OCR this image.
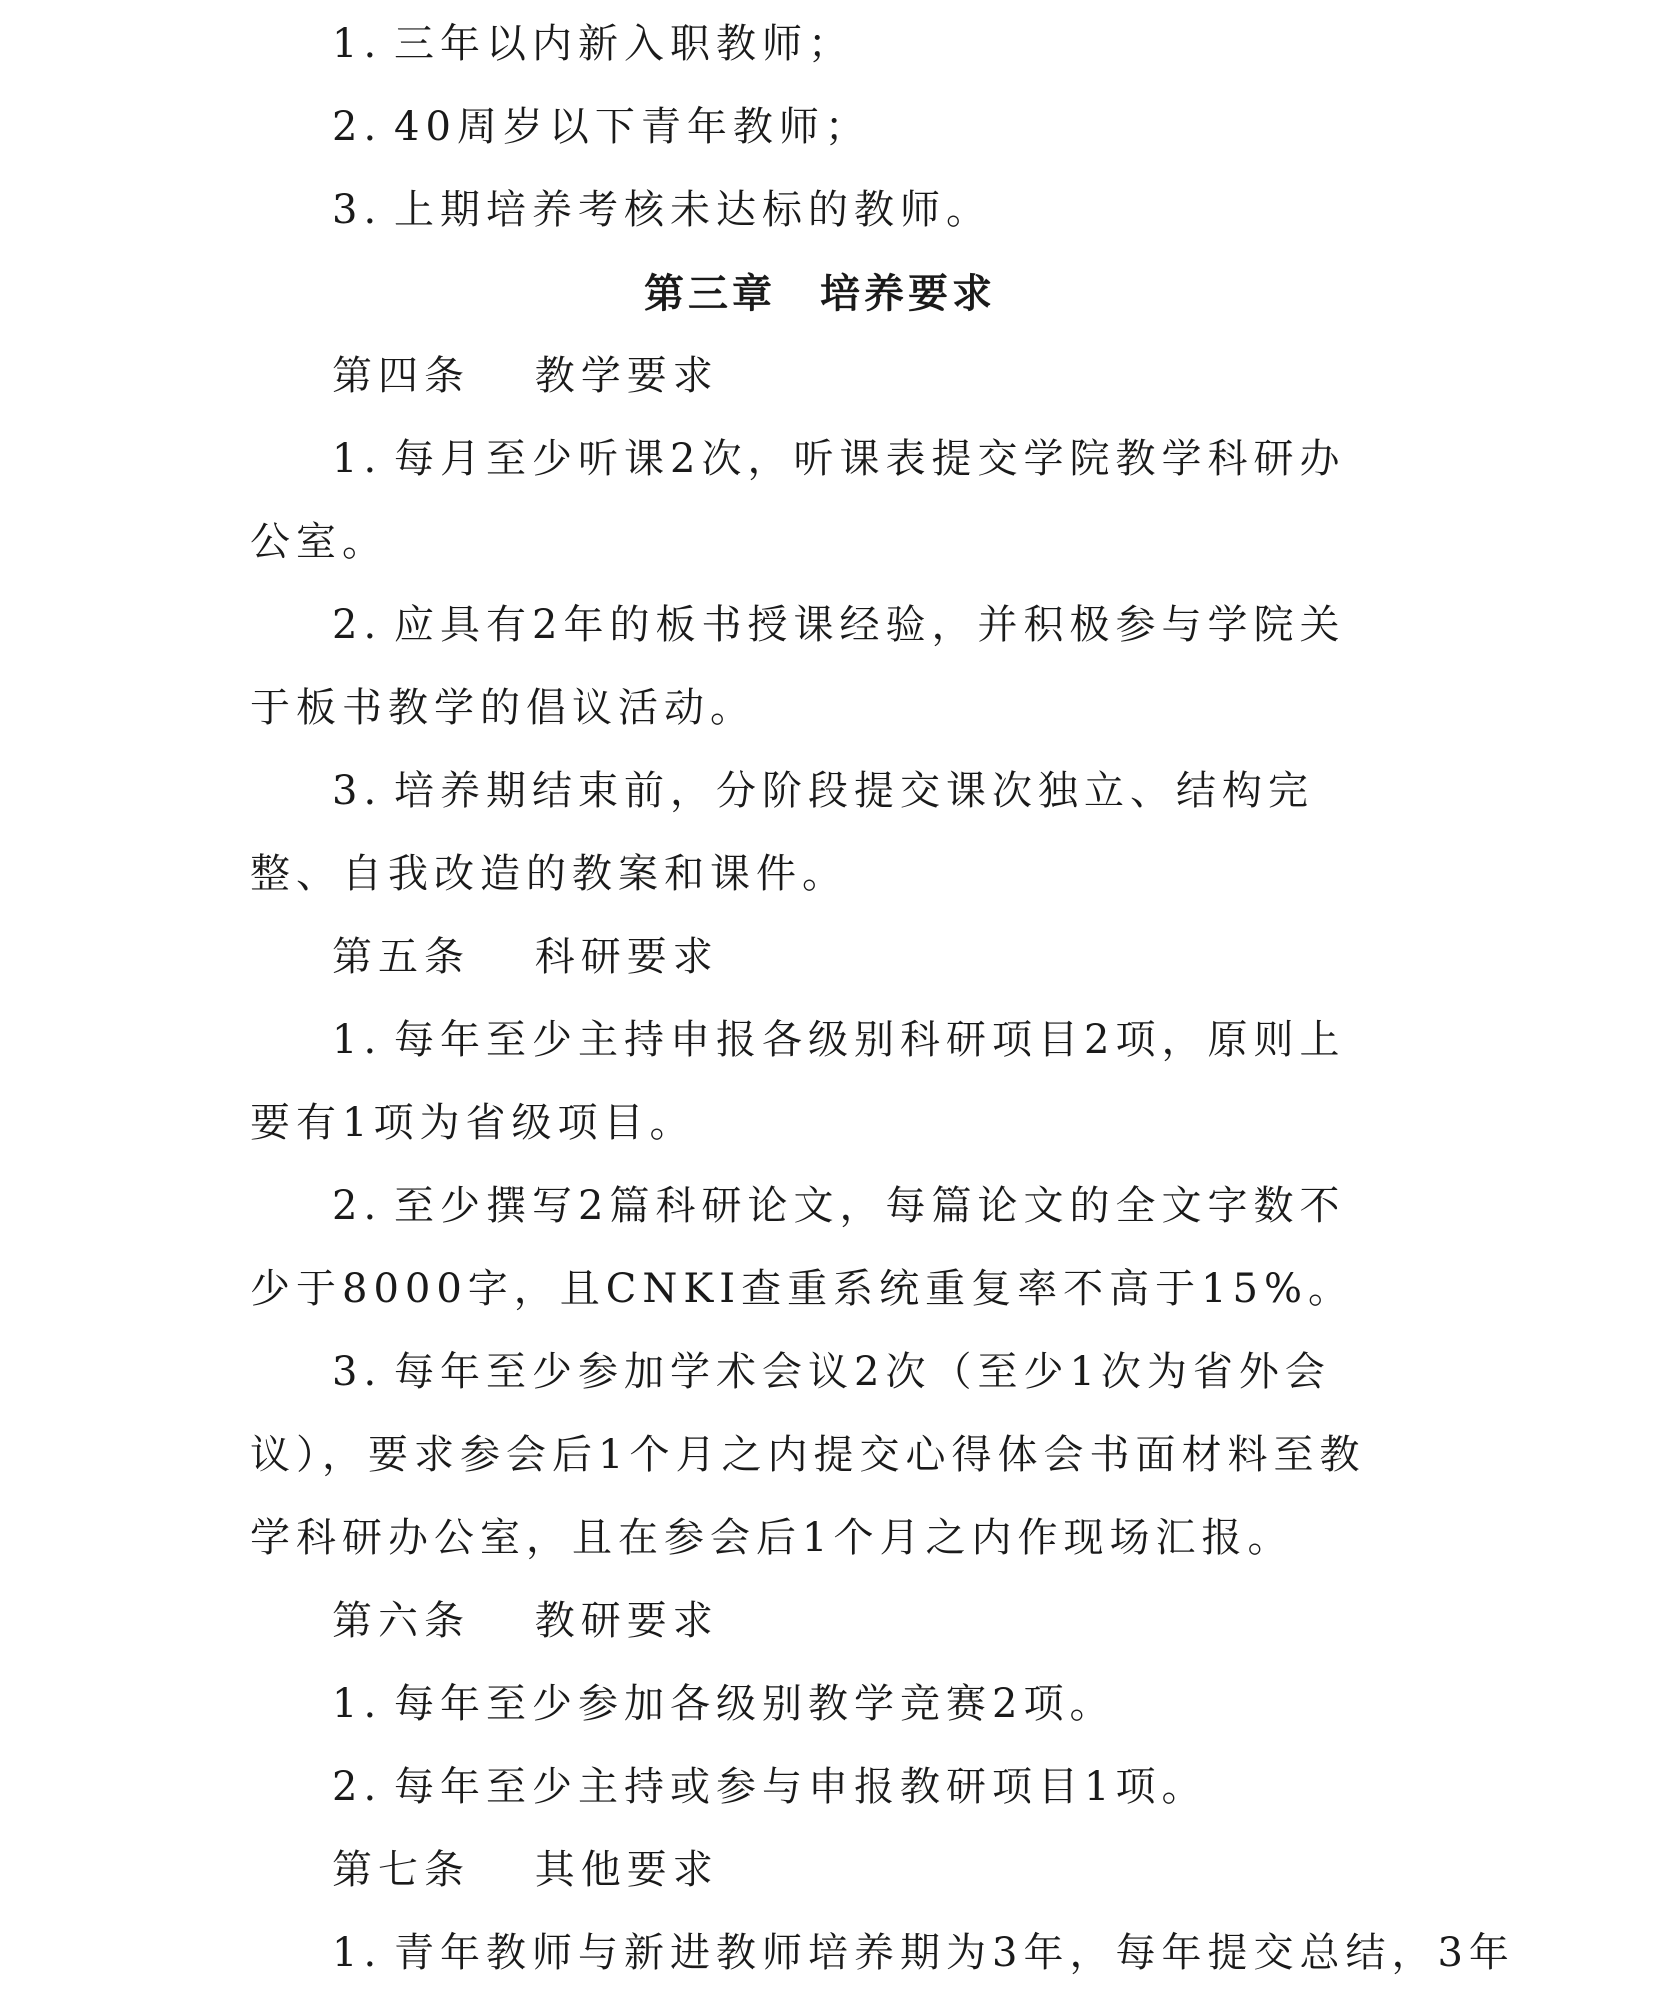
1. 三年以内新入职教师；

2. 40周岁以下青年教师；

3. 上期培养考核未达标的教师。

第三章　培养要求

第四条　 教学要求

1. 每月至少听课2次，听课表提交学院教学科研办公室。

2. 应具有2年的板书授课经验，并积极参与学院关于板书教学的倡议活动。

3. 培养期结束前，分阶段提交课次独立、结构完整、自我改造的教案和课件。

第五条　 科研要求

1. 每年至少主持申报各级别科研项目2项，原则上要有1项为省级项目。

2. 至少撰写2篇科研论文，每篇论文的全文字数不少于8000字，且CNKI查重系统重复率不高于15%。

3. 每年至少参加学术会议2次（至少1次为省外会议），要求参会后1个月之内提交心得体会书面材料至教学科研办公室，且在参会后1个月之内作现场汇报。

第六条　 教研要求

1. 每年至少参加各级别教学竞赛2项。

2. 每年至少主持或参与申报教研项目1项。

第七条　 其他要求

1. 青年教师与新进教师培养期为3年，每年提交总结，3年
